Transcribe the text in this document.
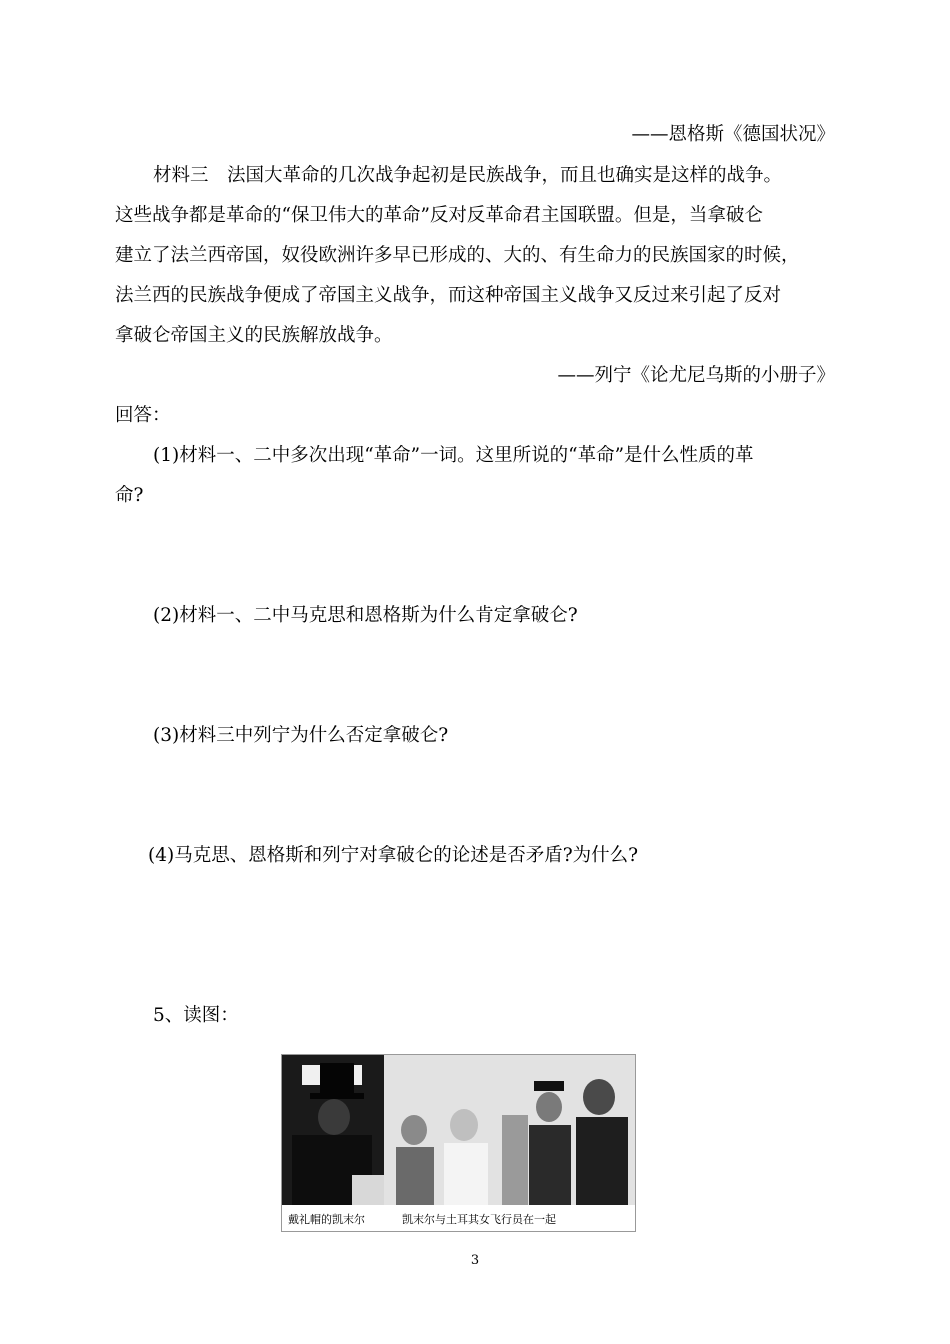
——恩格斯《德国状况》
材料三　法国大革命的几次战争起初是民族战争，而且也确实是这样的战争。
这些战争都是革命的“保卫伟大的革命”反对反革命君主国联盟。但是，当拿破仑
建立了法兰西帝国，奴役欧洲许多早已形成的、大的、有生命力的民族国家的时候，
法兰西的民族战争便成了帝国主义战争，而这种帝国主义战争又反过来引起了反对
拿破仑帝国主义的民族解放战争。
——列宁《论尤尼乌斯的小册子》
回答：
(1)材料一、二中多次出现“革命”一词。这里所说的“革命”是什么性质的革
命?
(2)材料一、二中马克思和恩格斯为什么肯定拿破仑?
(3)材料三中列宁为什么否定拿破仑?
(4)马克思、恩格斯和列宁对拿破仑的论述是否矛盾?为什么?
5、读图：
戴礼帽的凯末尔	凯末尔与土耳其女飞行员在一起
3
